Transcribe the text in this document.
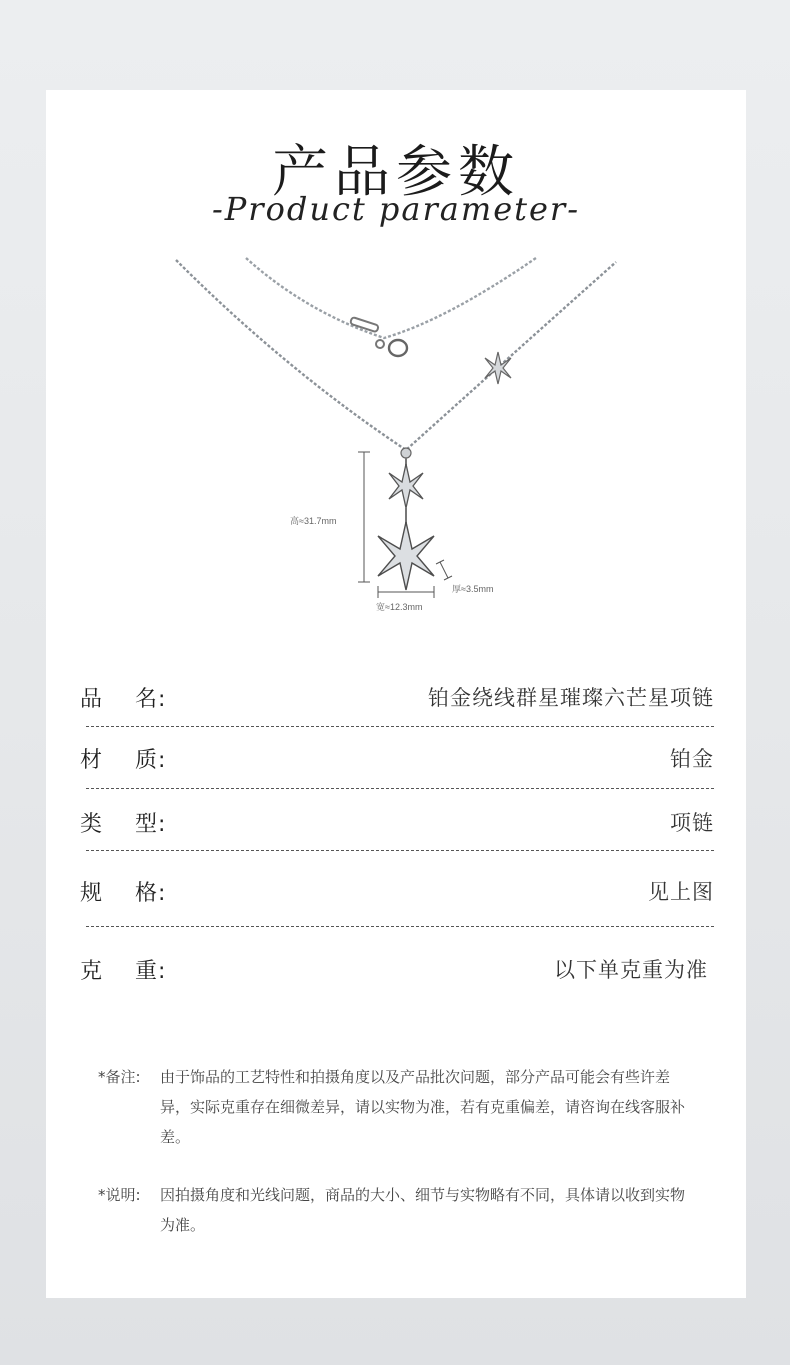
产品参数
-Product parameter-
高≈31.7mm
宽≈12.3mm
厚≈3.5mm
品    名:	铂金绕线群星璀璨六芒星项链
材    质:	铂金
类    型:	项链
规    格:	见上图
克    重:	以下单克重为准
*备注: 由于饰品的工艺特性和拍摄角度以及产品批次问题，部分产品可能会有些许差异，实际克重存在细微差异，请以实物为准，若有克重偏差，请咨询在线客服补差。
*说明: 因拍摄角度和光线问题，商品的大小、细节与实物略有不同，具体请以收到实物为准。
